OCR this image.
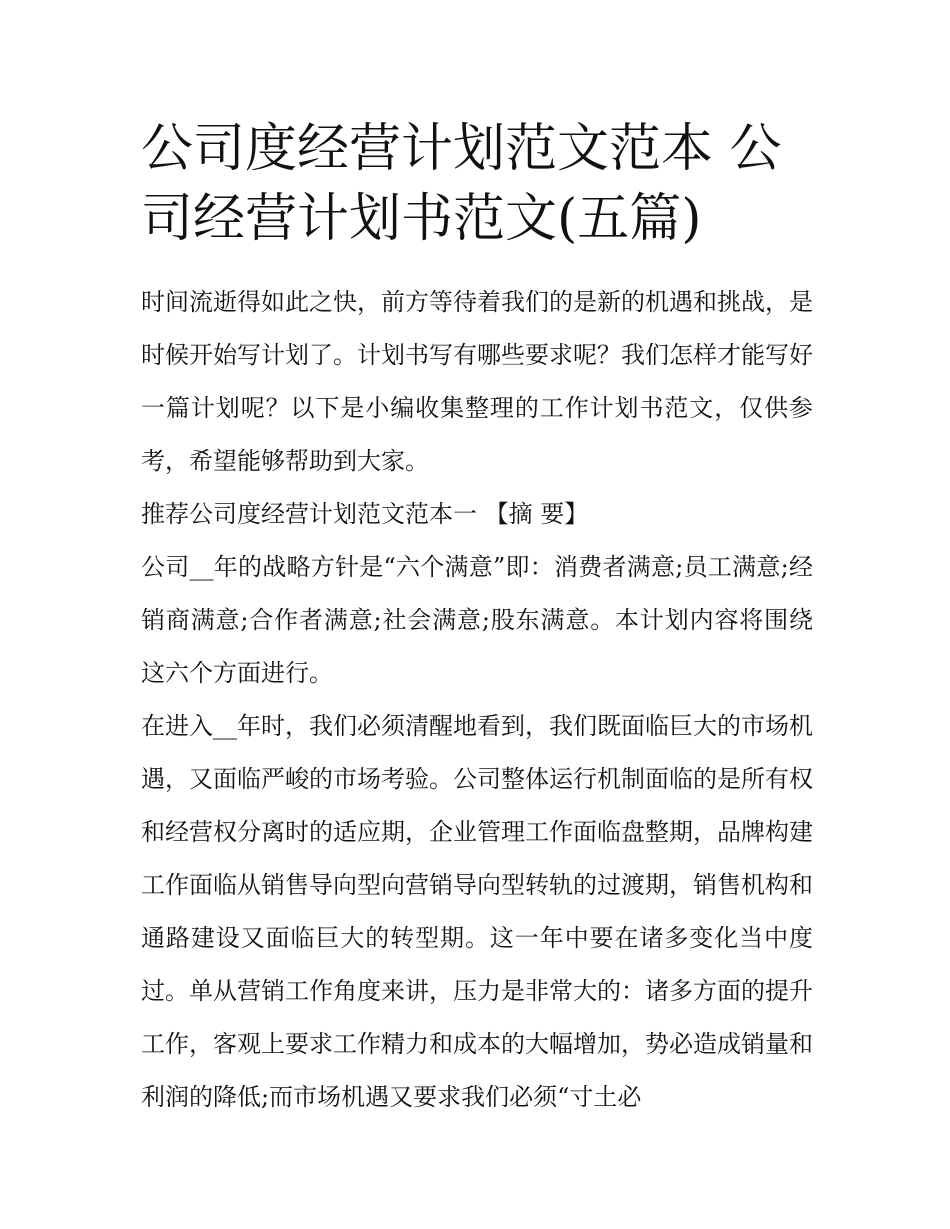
公司度经营计划范文范本 公司经营计划书范文(五篇)

时间流逝得如此之快，前方等待着我们的是新的机遇和挑战，是时候开始写计划了。计划书写有哪些要求呢？我们怎样才能写好一篇计划呢？以下是小编收集整理的工作计划书范文，仅供参考，希望能够帮助到大家。

推荐公司度经营计划范文范本一 【摘 要】

公司__年的战略方针是“六个满意”即：消费者满意;员工满意;经销商满意;合作者满意;社会满意;股东满意。本计划内容将围绕这六个方面进行。

在进入__年时，我们必须清醒地看到，我们既面临巨大的市场机遇，又面临严峻的市场考验。公司整体运行机制面临的是所有权和经营权分离时的适应期，企业管理工作面临盘整期，品牌构建工作面临从销售导向型向营销导向型转轨的过渡期，销售机构和通路建设又面临巨大的转型期。这一年中要在诸多变化当中度过。单从营销工作角度来讲，压力是非常大的：诸多方面的提升工作，客观上要求工作精力和成本的大幅增加，势必造成销量和利润的降低;而市场机遇又要求我们必须“寸土必
